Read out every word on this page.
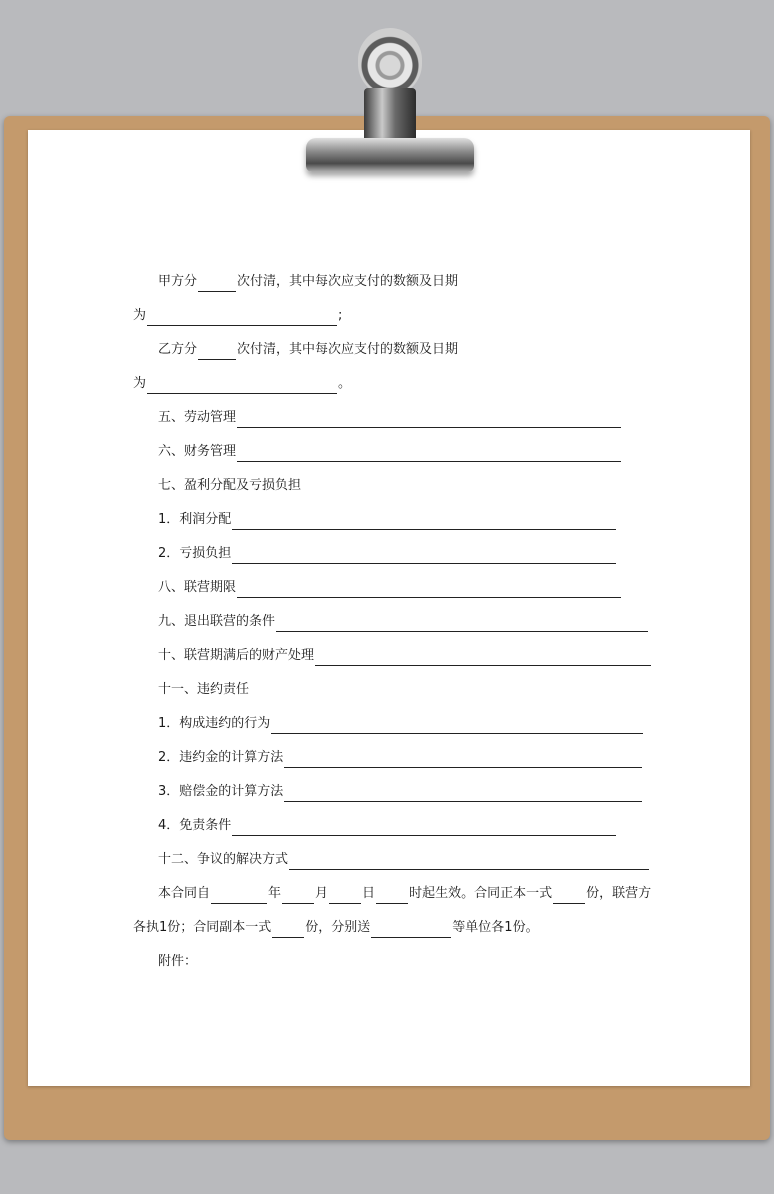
甲方分	次付清，其中每次应支付的数额及日期
为	;
乙方分	次付清，其中每次应支付的数额及日期
为	。
五、劳动管理
六、财务管理
七、盈利分配及亏损负担
1．利润分配
2．亏损负担
八、联营期限
九、退出联营的条件
十、联营期满后的财产处理
十一、违约责任
1．构成违约的行为
2．违约金的计算方法
3．赔偿金的计算方法
4．免责条件
十二、争议的解决方式
本合同自	年	月	日	时起生效。合同正本一式	份，联营方
各执1份；合同副本一式	份，分别送	等单位各1份。
附件：
